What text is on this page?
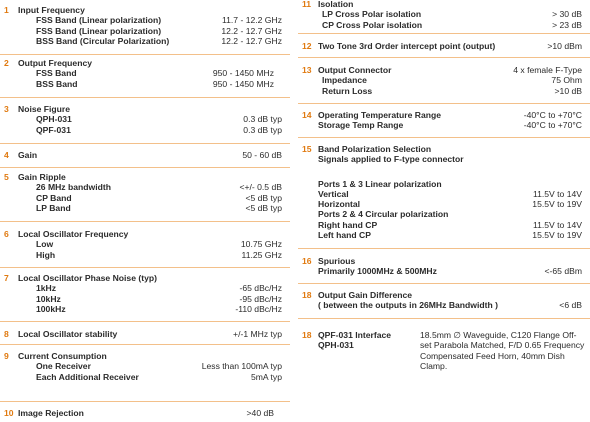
1 Input Frequency
FSS Band (Linear polarization)	11.7 - 12.2 GHz
FSS Band (Linear polarization)	12.2 - 12.7 GHz
BSS Band (Circular Polarization)	12.2 - 12.7 GHz
2 Output Frequency
FSS Band	950 - 1450 MHz
BSS Band	950 - 1450 MHz
3 Noise Figure
QPH-031	0.3 dB typ
QPF-031	0.3 dB typ
4 Gain	50 - 60 dB
5 Gain Ripple
26 MHz bandwidth	<+/- 0.5 dB
CP Band	<5 dB typ
LP Band	<5 dB typ
6 Local Oscillator Frequency
Low	10.75 GHz
High	11.25 GHz
7 Local Oscillator Phase Noise (typ)
1kHz	-65 dBc/Hz
10kHz	-95 dBc/Hz
100kHz	-110 dBc/Hz
8 Local Oscillator stability	+/-1 MHz typ
9 Current Consumption
One Receiver	Less than 100mA typ
Each Additional Receiver	5mA typ
10 Image Rejection	>40 dB
11 Isolation
LP Cross Polar isolation	> 30 dB
CP Cross Polar isolation	> 23 dB
12 Two Tone 3rd Order intercept point (output)	>10 dBm
13 Output Connector	4 x female F-Type
Impedance	75 Ohm
Return Loss	>10 dB
14 Operating Temperature Range	-40°C to +70°C
Storage Temp Range	-40°C to +70°C
15 Band Polarization Selection
Signals applied to F-type connector
Ports 1 & 3 Linear polarization
Vertical	11.5V to 14V
Horizontal	15.5V to 19V
Ports 2 & 4 Circular polarization
Right hand CP	11.5V to 14V
Left hand CP	15.5V to 19V
16 Spurious
Primarily 1000MHz & 500MHz	<-65 dBm
18 Output Gain Difference
( between the outputs in 26MHz Bandwidth )	<6 dB
18 QPF-031 Interface
QPH-031
18.5mm ∅ Waveguide, C120 Flange Off-set Parabola Matched, F/D 0.65 Frequency Compensated Feed Horn, 40mm Dish Clamp.
